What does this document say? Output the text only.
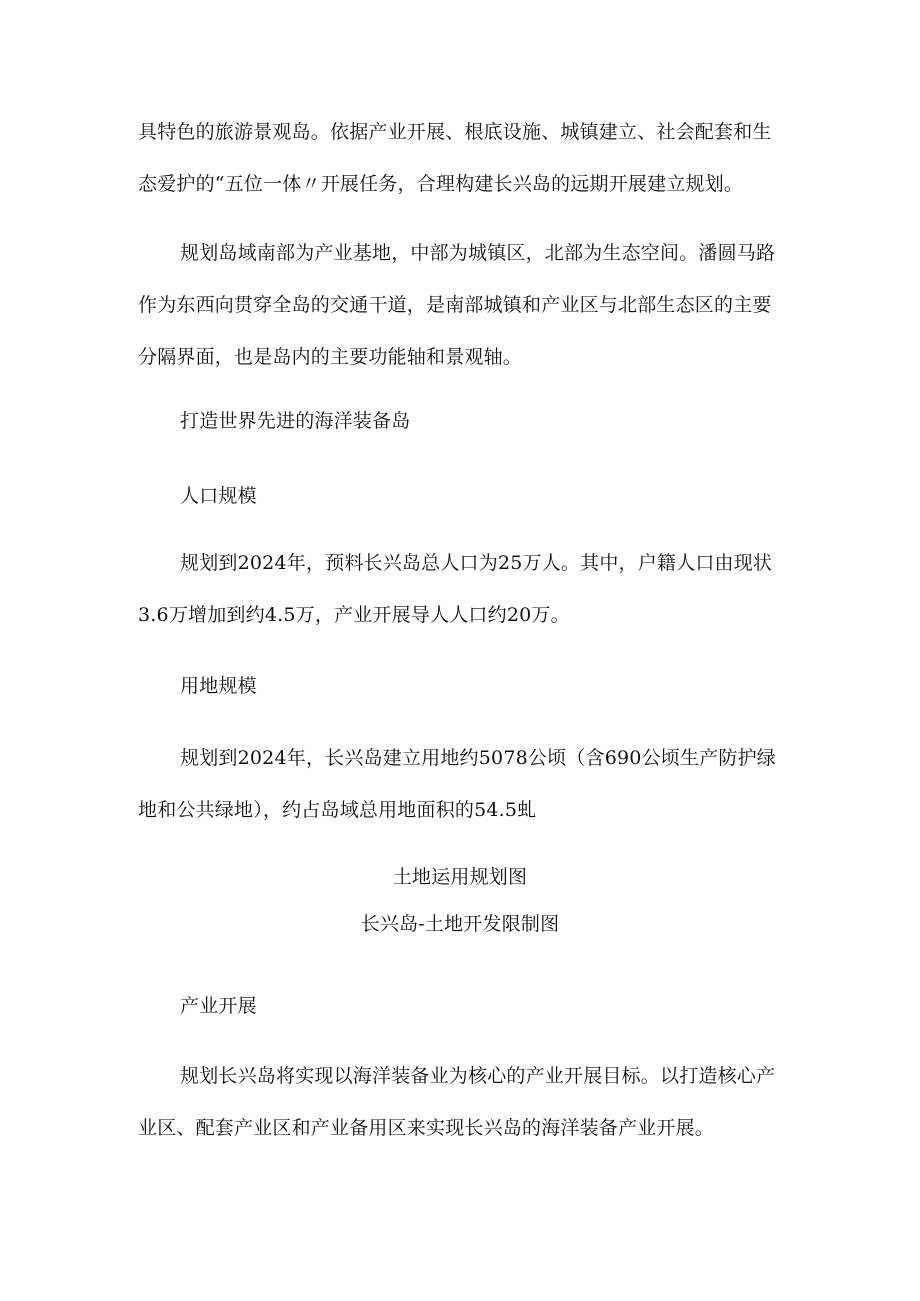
具特色的旅游景观岛。依据产业开展、根底设施、城镇建立、社会配套和生态爱护的“五位一体〃开展任务，合理构建长兴岛的远期开展建立规划。

规划岛域南部为产业基地，中部为城镇区，北部为生态空间。潘圆马路作为东西向贯穿全岛的交通干道，是南部城镇和产业区与北部生态区的主要分隔界面，也是岛内的主要功能轴和景观轴。

打造世界先进的海洋装备岛

人口规模

规划到2024年，预料长兴岛总人口为25万人。其中，户籍人口由现状3.6万增加到约4.5万，产业开展导人人口约20万。

用地规模

规划到2024年，长兴岛建立用地约5078公顷（含690公顷生产防护绿地和公共绿地），约占岛域总用地面积的54.5虬

土地运用规划图

长兴岛-土地开发限制图

产业开展

规划长兴岛将实现以海洋装备业为核心的产业开展目标。以打造核心产业区、配套产业区和产业备用区来实现长兴岛的海洋装备产业开展。
